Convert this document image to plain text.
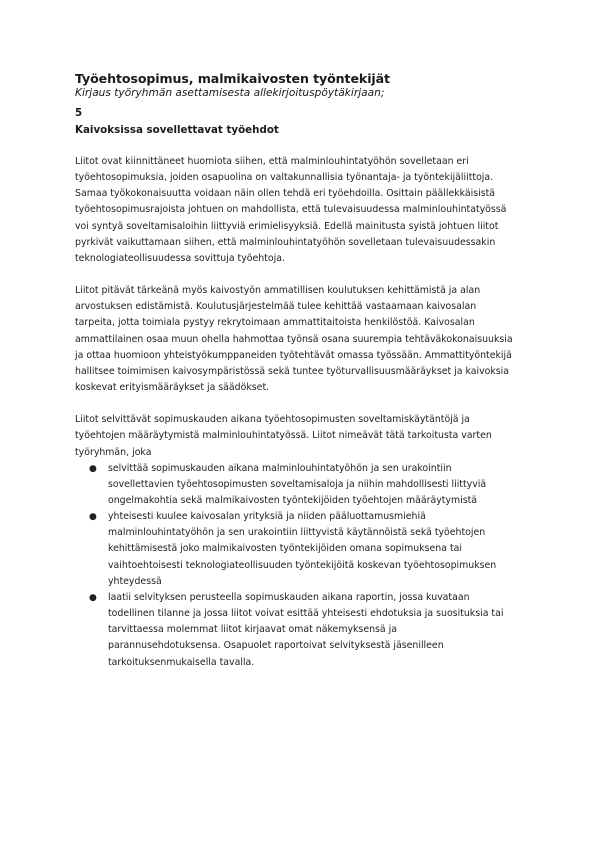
Työehtosopimus, malmikaivosten työntekijät
Kirjaus työryhmän asettamisesta allekirjoituspöytäkirjaan;
5
Kaivoksissa sovellettavat työehdot
Liitot ovat kiinnittäneet huomiota siihen, että malminlouhintatyöhön sovelletaan eri
työehtosopimuksia, joiden osapuolina on valtakunnallisia työnantaja- ja työntekijäliittoja.
Samaa työkokonaisuutta voidaan näin ollen tehdä eri työehdoilla. Osittain päällekkäisistä
työehtosopimusrajoista johtuen on mahdollista, että tulevaisuudessa malminlouhintatyössä
voi syntyä soveltamisaloihin liittyviä erimielisyyksiä. Edellä mainitusta syistä johtuen liitot
pyrkivät vaikuttamaan siihen, että malminlouhintatyöhön sovelletaan tulevaisuudessakin
teknologiateollisuudessa sovittuja työehtoja.
Liitot pitävät tärkeänä myös kaivostyön ammatillisen koulutuksen kehittämistä ja alan
arvostuksen edistämistä. Koulutusjärjestelmää tulee kehittää vastaamaan kaivosalan
tarpeita, jotta toimiala pystyy rekrytoimaan ammattitaitoista henkilöstöä. Kaivosalan
ammattilainen osaa muun ohella hahmottaa työnsä osana suurempia tehtäväkokonaisuuksia
ja ottaa huomioon yhteistyökumppaneiden työtehtävät omassa työssään. Ammattityöntekijä
hallitsee toimimisen kaivosympäristössä sekä tuntee työturvallisuusmääräykset ja kaivoksia
koskevat erityismääräykset ja säädökset.
Liitot selvittävät sopimuskauden aikana työehtosopimusten soveltamiskäytäntöjä ja
työehtojen määräytymistä malminlouhintatyössä. Liitot nimeävät tätä tarkoitusta varten
työryhmän, joka
● selvittää sopimuskauden aikana malminlouhintatyöhön ja sen urakointiin
sovellettavien työehtosopimusten soveltamisaloja ja niihin mahdollisesti liittyviä
ongelmakohtia sekä malmikaivosten työntekijöiden työehtojen määräytymistä
● yhteisesti kuulee kaivosalan yrityksiä ja niiden pääluottamusmiehiä
malminlouhintatyöhön ja sen urakointiin liittyvistä käytännöistä sekä työehtojen
kehittämisestä joko malmikaivosten työntekijöiden omana sopimuksena tai
vaihtoehtoisesti teknologiateollisuuden työntekijöitä koskevan työehtosopimuksen
yhteydessä
● laatii selvityksen perusteella sopimuskauden aikana raportin, jossa kuvataan
todellinen tilanne ja jossa liitot voivat esittää yhteisesti ehdotuksia ja suosituksia tai
tarvittaessa molemmat liitot kirjaavat omat näkemyksensä ja
parannusehdotuksensa. Osapuolet raportoivat selvityksestä jäsenilleen
tarkoituksenmukaisella tavalla.
